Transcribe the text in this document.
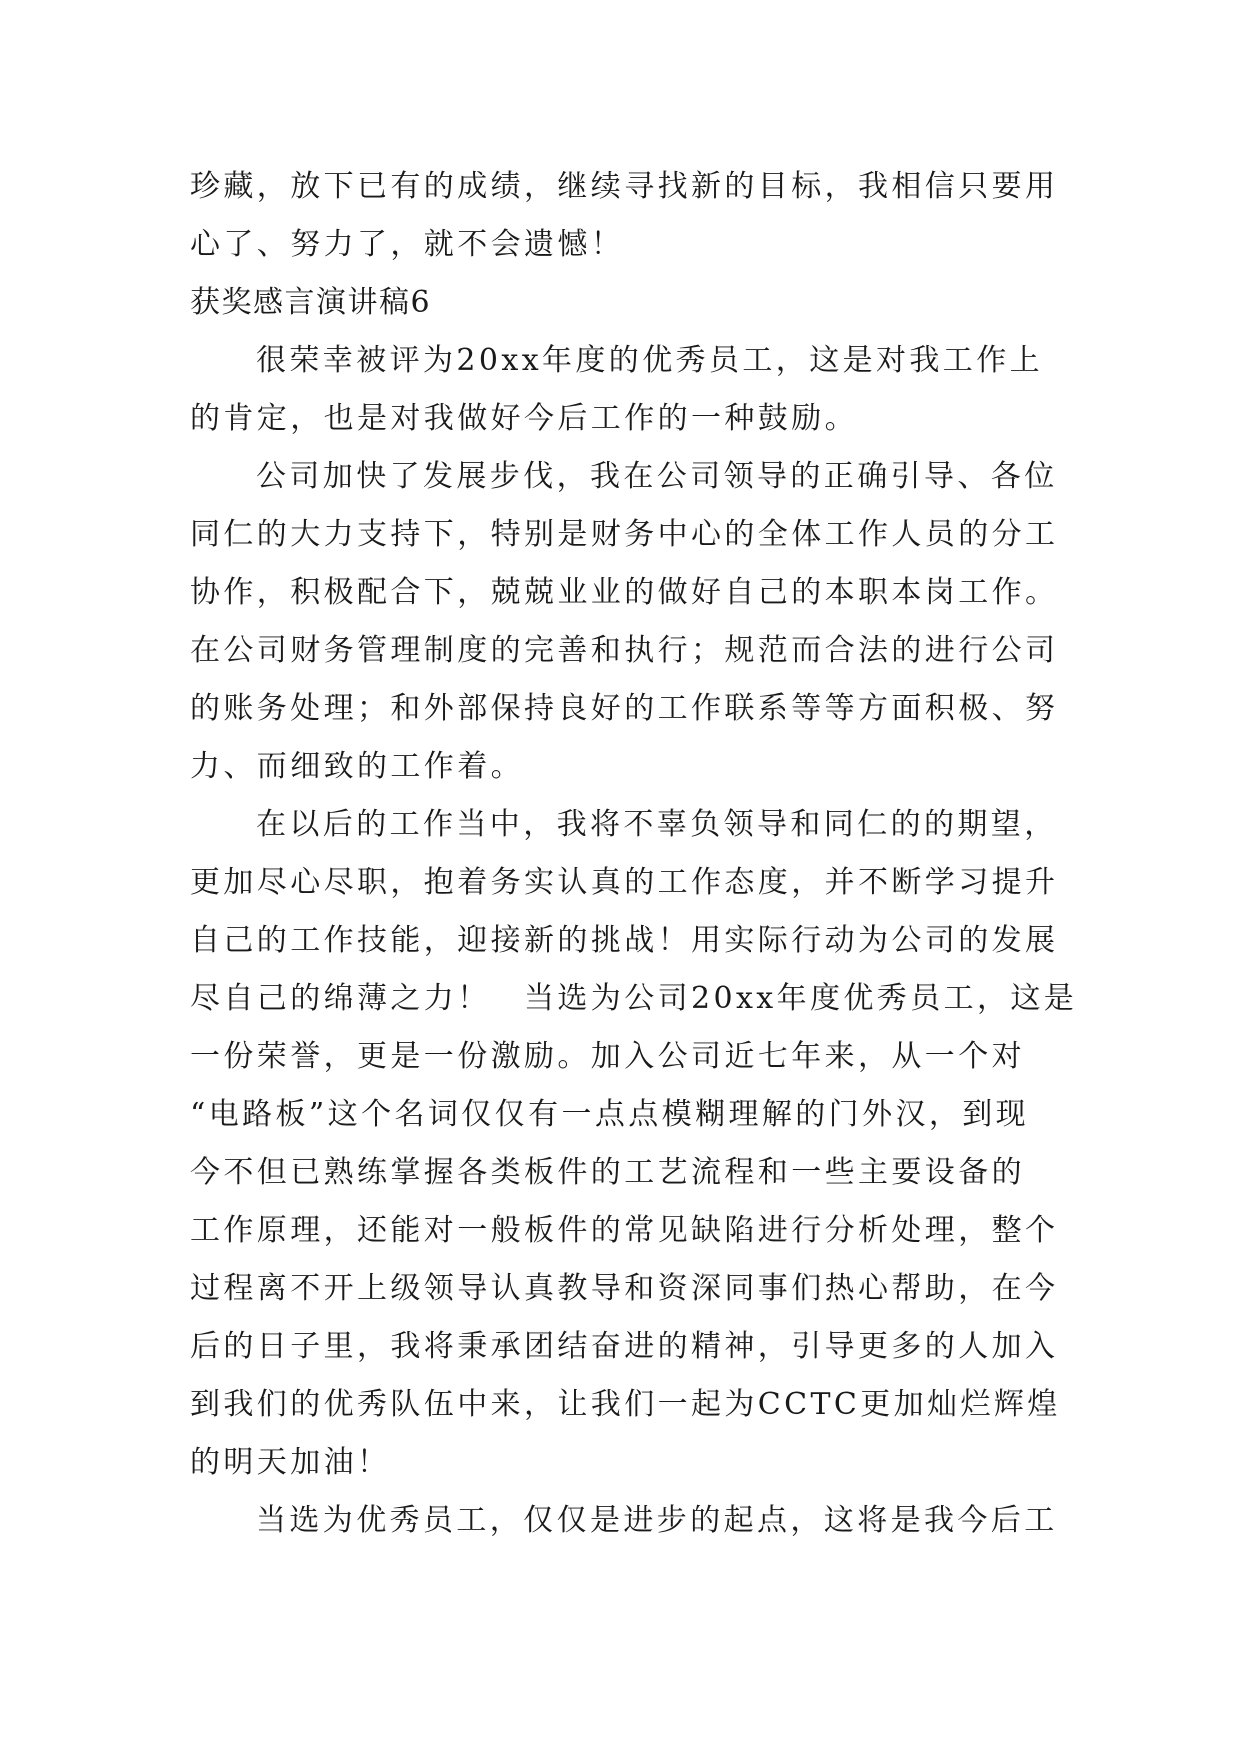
珍藏，放下已有的成绩，继续寻找新的目标，我相信只要用
心了、努力了，就不会遗憾！
获奖感言演讲稿6
很荣幸被评为20xx年度的优秀员工，这是对我工作上
的肯定，也是对我做好今后工作的一种鼓励。
公司加快了发展步伐，我在公司领导的正确引导、各位
同仁的大力支持下，特别是财务中心的全体工作人员的分工
协作，积极配合下，兢兢业业的做好自己的本职本岗工作。
在公司财务管理制度的完善和执行；规范而合法的进行公司
的账务处理；和外部保持良好的工作联系等等方面积极、努
力、而细致的工作着。
在以后的工作当中，我将不辜负领导和同仁的的期望，
更加尽心尽职，抱着务实认真的工作态度，并不断学习提升
自己的工作技能，迎接新的挑战！用实际行动为公司的发展
尽自己的绵薄之力！　当选为公司20xx年度优秀员工，这是
一份荣誉，更是一份激励。加入公司近七年来，从一个对
“电路板”这个名词仅仅有一点点模糊理解的门外汉，到现
今不但已熟练掌握各类板件的工艺流程和一些主要设备的
工作原理，还能对一般板件的常见缺陷进行分析处理，整个
过程离不开上级领导认真教导和资深同事们热心帮助，在今
后的日子里，我将秉承团结奋进的精神，引导更多的人加入
到我们的优秀队伍中来，让我们一起为CCTC更加灿烂辉煌
的明天加油！
当选为优秀员工，仅仅是进步的起点，这将是我今后工
